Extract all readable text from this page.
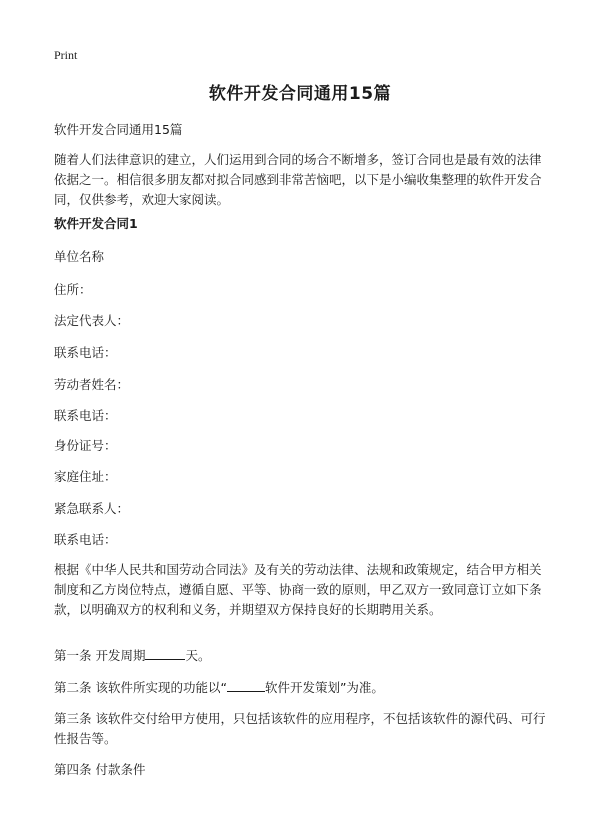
Print
软件开发合同通用15篇
软件开发合同通用15篇
随着人们法律意识的建立，人们运用到合同的场合不断增多，签订合同也是最有效的法律依据之一。相信很多朋友都对拟合同感到非常苦恼吧，以下是小编收集整理的软件开发合同，仅供参考，欢迎大家阅读。
软件开发合同1
单位名称
住所：
法定代表人：
联系电话：
劳动者姓名：
联系电话：
身份证号：
家庭住址：
紧急联系人：
联系电话：
根据《中华人民共和国劳动合同法》及有关的劳动法律、法规和政策规定，结合甲方相关制度和乙方岗位特点，遵循自愿、平等、协商一致的原则，甲乙双方一致同意订立如下条款，以明确双方的权利和义务，并期望双方保持良好的长期聘用关系。
第一条 开发周期	天。
第二条 该软件所实现的功能以“	软件开发策划”为准。
第三条 该软件交付给甲方使用，只包括该软件的应用程序，不包括该软件的源代码、可行性报告等。
第四条 付款条件
